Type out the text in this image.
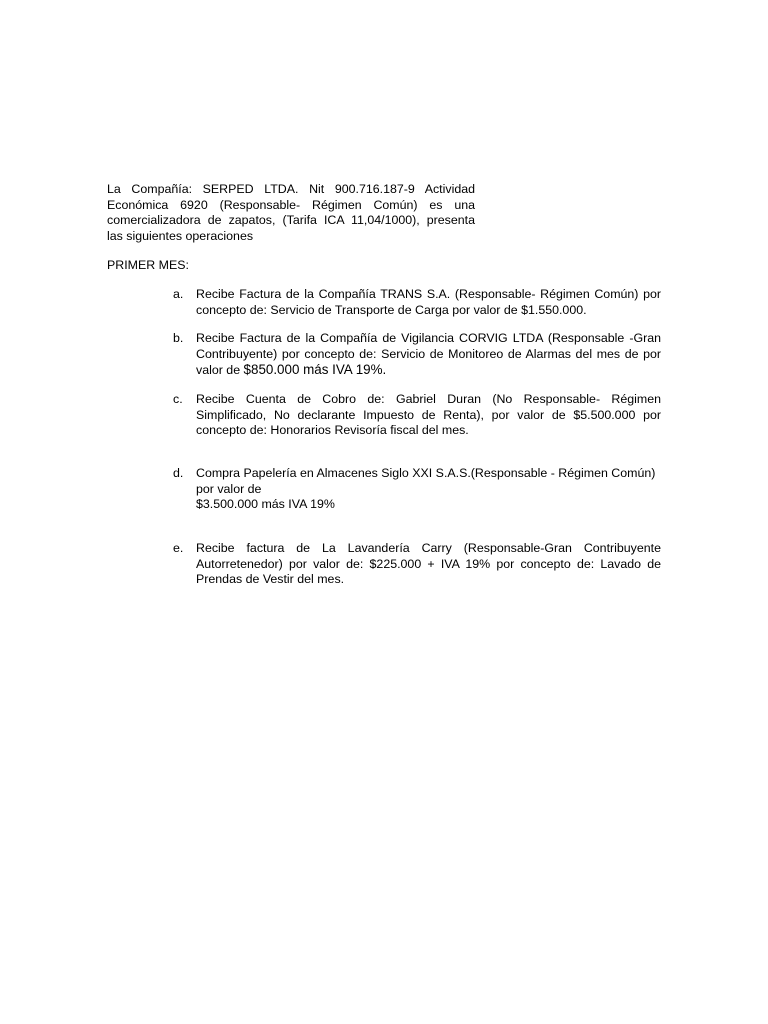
La Compañía: SERPED LTDA. Nit 900.716.187-9 Actividad
Económica 6920 (Responsable- Régimen Común) es una
comercializadora de zapatos, (Tarifa ICA 11,04/1000), presenta
las siguientes operaciones
PRIMER MES:
a. Recibe Factura de la Compañía TRANS S.A. (Responsable- Régimen Común) por
concepto de: Servicio de Transporte de Carga por valor de $1.550.000.
b. Recibe Factura de la Compañía de Vigilancia CORVIG LTDA (Responsable -Gran
Contribuyente) por concepto de: Servicio de Monitoreo de Alarmas del mes de por
valor de $850.000 más IVA 19%.
c. Recibe Cuenta de Cobro de: Gabriel Duran (No Responsable- Régimen
Simplificado, No declarante Impuesto de Renta), por valor de $5.500.000 por
concepto de: Honorarios Revisoría fiscal del mes.
d. Compra Papelería en Almacenes Siglo XXI S.A.S.(Responsable - Régimen Común)
por valor de
$3.500.000 más IVA 19%
e. Recibe factura de La Lavandería Carry (Responsable-Gran Contribuyente
Autorretenedor) por valor de: $225.000 + IVA 19% por concepto de: Lavado de
Prendas de Vestir del mes.
